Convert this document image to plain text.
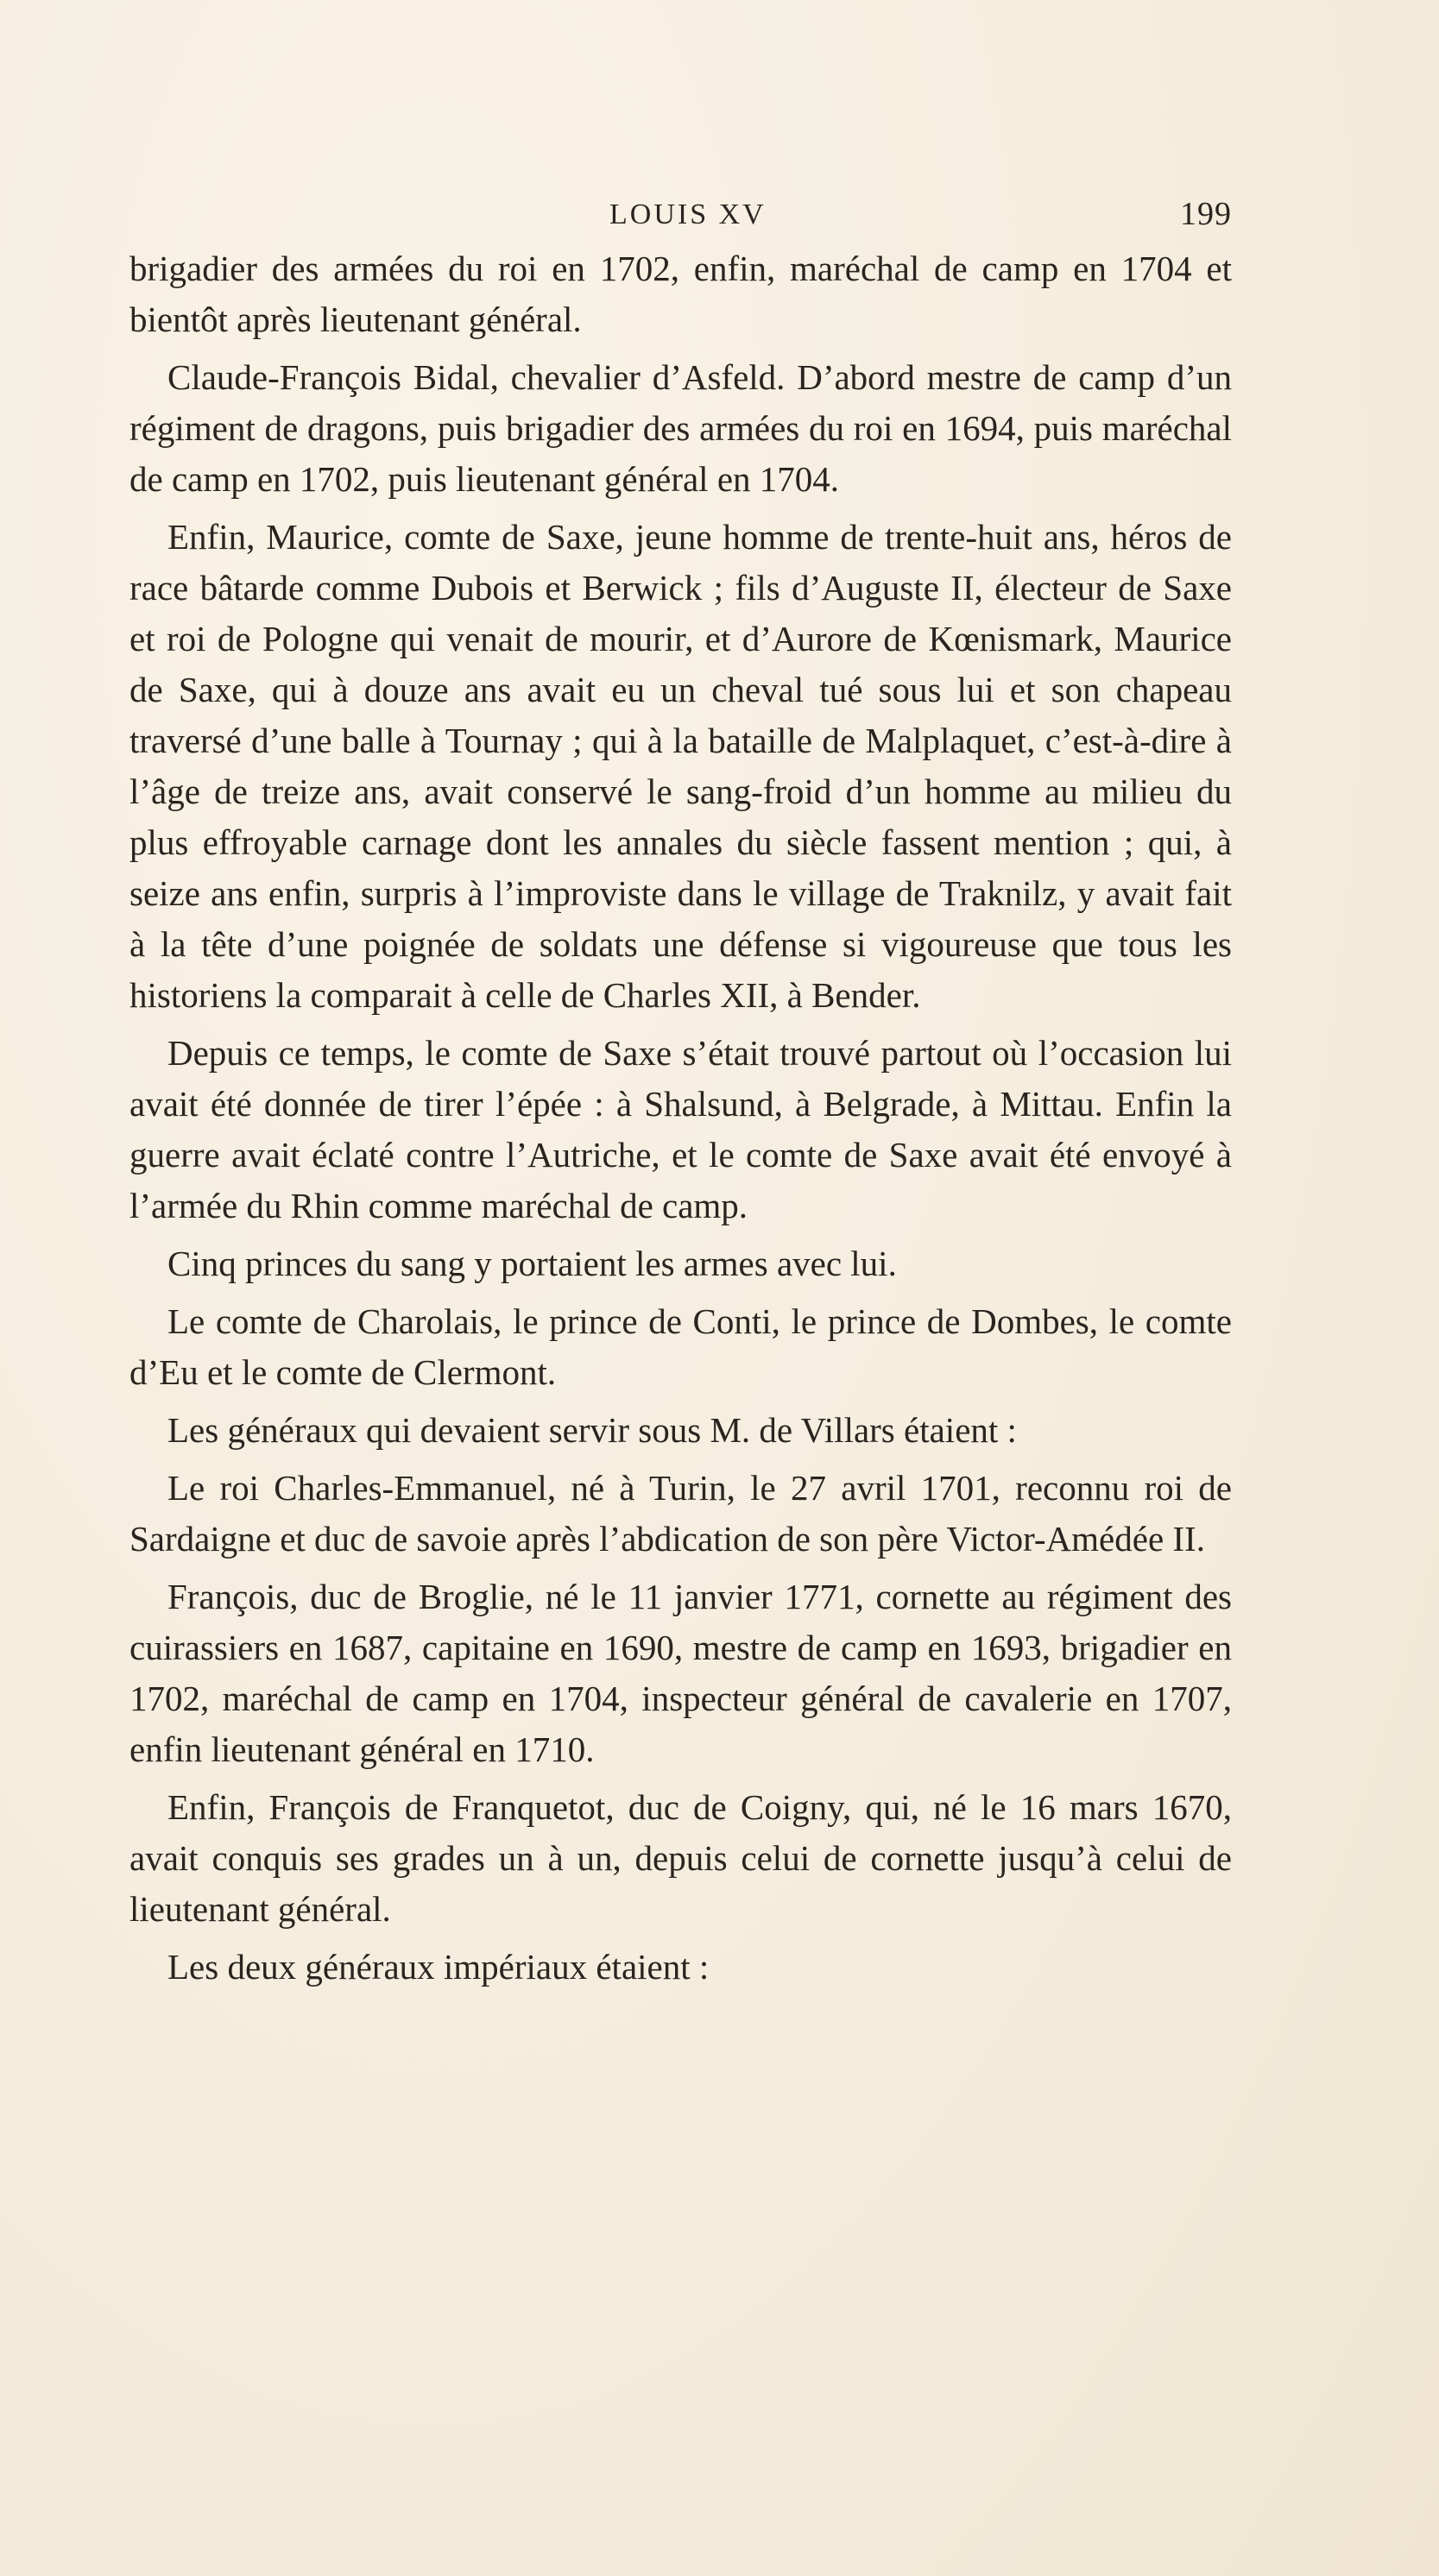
LOUIS XV	199

brigadier des armées du roi en 1702, enfin, maréchal de camp en 1704 et bientôt après lieutenant général.

Claude-François Bidal, chevalier d’Asfeld. D’abord mestre de camp d’un régiment de dragons, puis brigadier des armées du roi en 1694, puis maréchal de camp en 1702, puis lieutenant général en 1704.

Enfin, Maurice, comte de Saxe, jeune homme de trente-huit ans, héros de race bâtarde comme Dubois et Berwick ; fils d’Auguste II, électeur de Saxe et roi de Pologne qui venait de mourir, et d’Aurore de Kœnismark, Maurice de Saxe, qui à douze ans avait eu un cheval tué sous lui et son chapeau traversé d’une balle à Tournay ; qui à la bataille de Malplaquet, c’est-à-dire à l’âge de treize ans, avait conservé le sang-froid d’un homme au milieu du plus effroyable carnage dont les annales du siècle fassent mention ; qui, à seize ans enfin, surpris à l’improviste dans le village de Traknilz, y avait fait à la tête d’une poignée de soldats une défense si vigoureuse que tous les historiens la comparait à celle de Charles XII, à Bender.

Depuis ce temps, le comte de Saxe s’était trouvé partout où l’occasion lui avait été donnée de tirer l’épée : à Shalsund, à Belgrade, à Mittau. Enfin la guerre avait éclaté contre l’Autriche, et le comte de Saxe avait été envoyé à l’armée du Rhin comme maréchal de camp.

Cinq princes du sang y portaient les armes avec lui.

Le comte de Charolais, le prince de Conti, le prince de Dombes, le comte d’Eu et le comte de Clermont.

Les généraux qui devaient servir sous M. de Villars étaient :

Le roi Charles-Emmanuel, né à Turin, le 27 avril 1701, reconnu roi de Sardaigne et duc de savoie après l’abdication de son père Victor-Amédée II.

François, duc de Broglie, né le 11 janvier 1771, cornette au régiment des cuirassiers en 1687, capitaine en 1690, mestre de camp en 1693, brigadier en 1702, maréchal de camp en 1704, inspecteur général de cavalerie en 1707, enfin lieutenant général en 1710.

Enfin, François de Franquetot, duc de Coigny, qui, né le 16 mars 1670, avait conquis ses grades un à un, depuis celui de cornette jusqu’à celui de lieutenant général.

Les deux généraux impériaux étaient :
